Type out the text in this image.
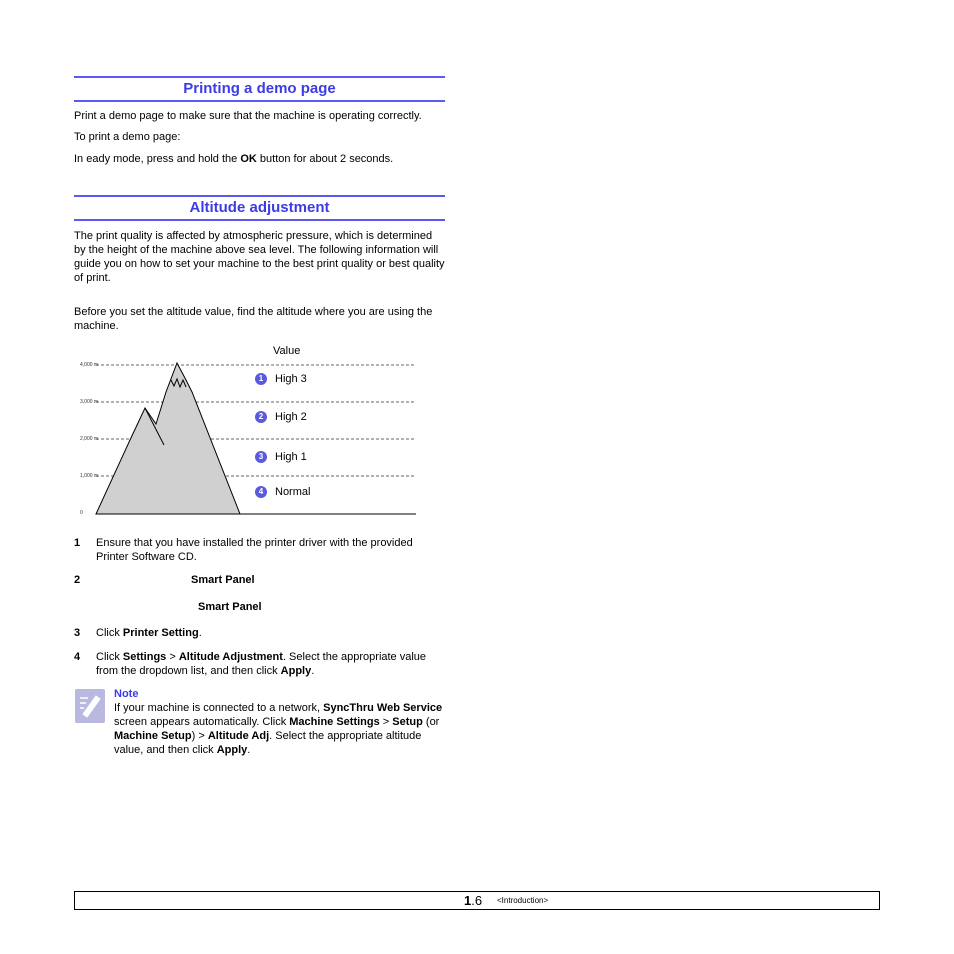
Printing a demo page
Print a demo page to make sure that the machine is operating correctly.
To print a demo page:
In eady mode, press and hold the OK button for about 2 seconds.
Altitude adjustment
The print quality is affected by atmospheric pressure, which is determined by the height of the machine above sea level. The following information will guide you on how to set your machine to the best print quality or best quality of print.
Before you set the altitude value, find the altitude where you are using the machine.
Value
4,000 m
3,000 m
2,000 m
1,000 m
0
1	High 3
2	High 2
3	High 1
4	Normal
1 Ensure that you have installed the printer driver with the provided Printer Software CD.
2	Smart Panel
Smart Panel
3 Click Printer Setting.
4 Click Settings > Altitude Adjustment. Select the appropriate value from the dropdown list, and then click Apply.
Note
If your machine is connected to a network, SyncThru Web Service screen appears automatically. Click Machine Settings > Setup (or Machine Setup) > Altitude Adj. Select the appropriate altitude value, and then click Apply.
1.6 <Introduction>
